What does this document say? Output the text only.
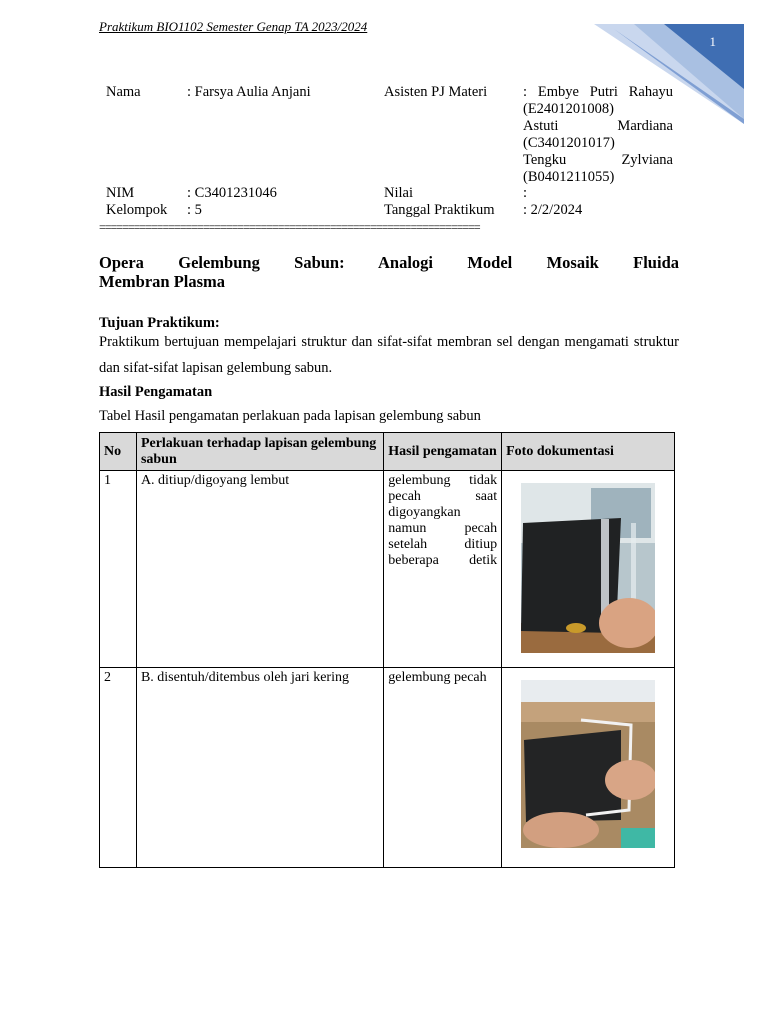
Praktikum BIO1102 Semester Genap TA 2023/2024
1
Nama	: Farsya Aulia Anjani	Asisten PJ Materi : Embye Putri Rahayu
(E2401201008)
Astuti Mardiana
(C3401201017)
Tengku Zylviana
(B0401211055)
NIM	: C3401231046	Nilai	:
Kelompok : 5	Tanggal Praktikum : 2/2/2024
==================================================================
Opera Gelembung Sabun: Analogi Model Mosaik Fluida
Membran Plasma
Tujuan Praktikum:
Praktikum bertujuan mempelajari struktur dan sifat-sifat membran sel dengan mengamati struktur dan sifat-sifat lapisan gelembung sabun.
Hasil Pengamatan
Tabel Hasil pengamatan perlakuan pada lapisan gelembung sabun
No	Perlakuan terhadap lapisan gelembung sabun	Hasil pengamatan	Foto dokumentasi
1	A. ditiup/digoyang lembut	gelembung tidak pecah saat digoyangkan namun pecah setelah ditiup beberapa detik	

2	B. disentuh/ditembus oleh jari kering	gelembung pecah	
